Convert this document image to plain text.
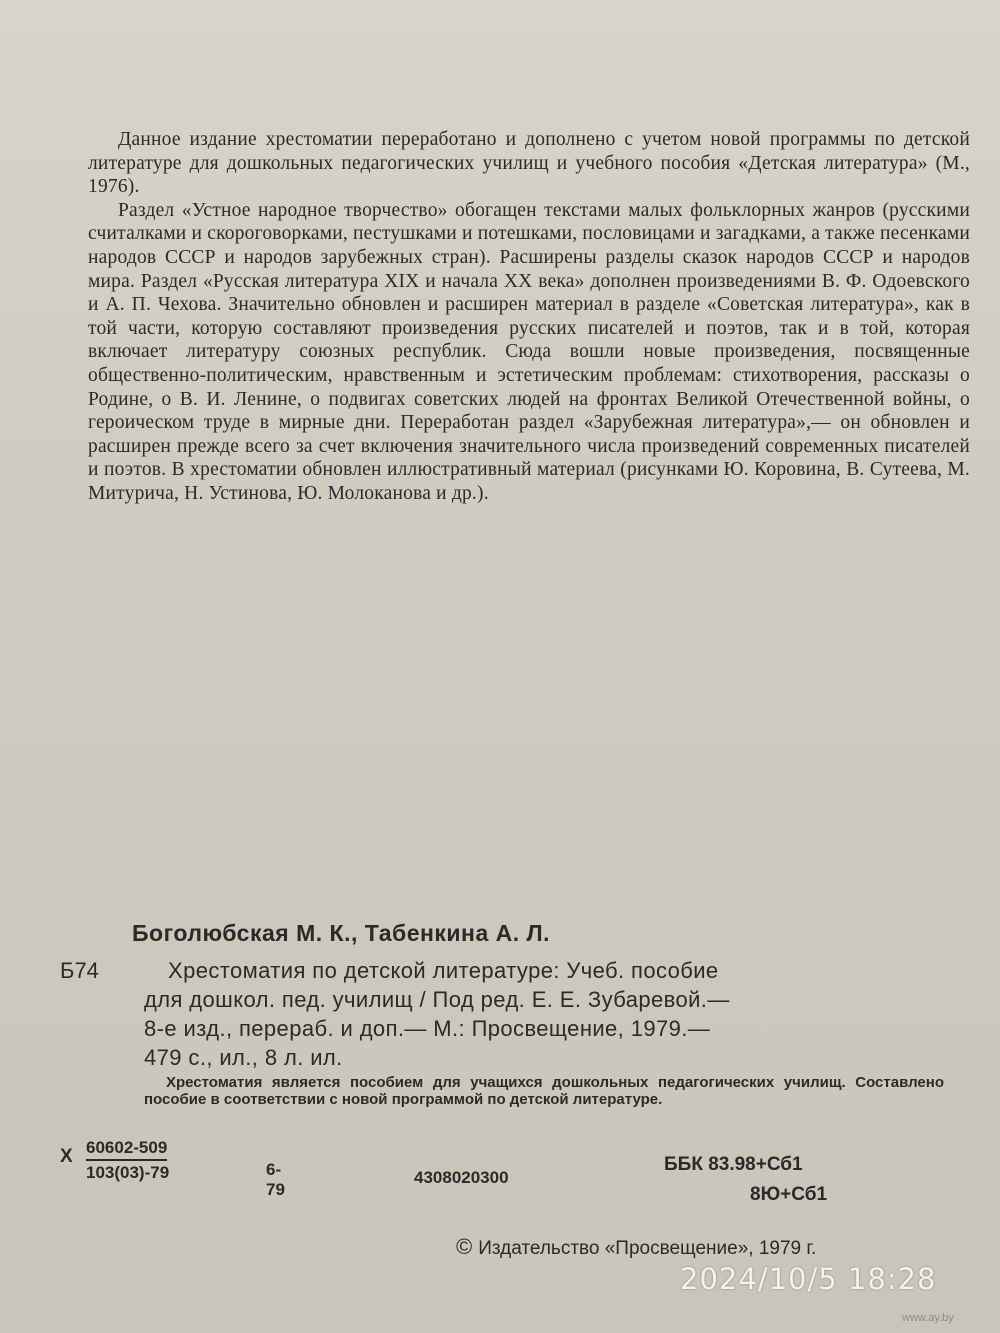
Данное издание хрестоматии переработано и дополнено с учетом новой программы по детской литературе для дошкольных педагогических училищ и учебного пособия «Детская литература» (М., 1976).

Раздел «Устное народное творчество» обогащен текстами малых фольклорных жанров (русскими считалками и скороговорками, пестушками и потешками, пословицами и загадками, а также песенками народов СССР и народов зарубежных стран). Расширены разделы сказок народов СССР и народов мира. Раздел «Русская литература XIX и начала XX века» дополнен произведениями В. Ф. Одоевского и А. П. Чехова. Значительно обновлен и расширен материал в разделе «Советская литература», как в той части, которую составляют произведения русских писателей и поэтов, так и в той, которая включает литературу союзных республик. Сюда вошли новые произведения, посвященные общественно-политическим, нравственным и эстетическим проблемам: стихотворения, рассказы о Родине, о В. И. Ленине, о подвигах советских людей на фронтах Великой Отечественной войны, о героическом труде в мирные дни. Переработан раздел «Зарубежная литература»,— он обновлен и расширен прежде всего за счет включения значительного числа произведений современных писателей и поэтов. В хрестоматии обновлен иллюстративный материал (рисунками Ю. Коровина, В. Сутеева, М. Митурича, Н. Устинова, Ю. Молоканова и др.).

Боголюбская М. К., Табенкина А. Л.
Б74	Хрестоматия по детской литературе: Учеб. пособие
для дошкол. пед. училищ / Под ред. Е. Е. Зубаревой.—
8-е изд., перераб. и доп.— М.: Просвещение, 1979.—
479 с., ил., 8 л. ил.
Хрестоматия является пособием для учащихся дошкольных педагогических училищ. Составлено пособие в соответствии с новой программой по детской литературе.
Х $\frac{60602-509}{103(03)-79}$	6-79
4308020300
ББК 83.98+Сб1
8Ю+Сб1
© Издательство «Просвещение», 1979 г.
2024/10/5 18:28
www.ay.by
